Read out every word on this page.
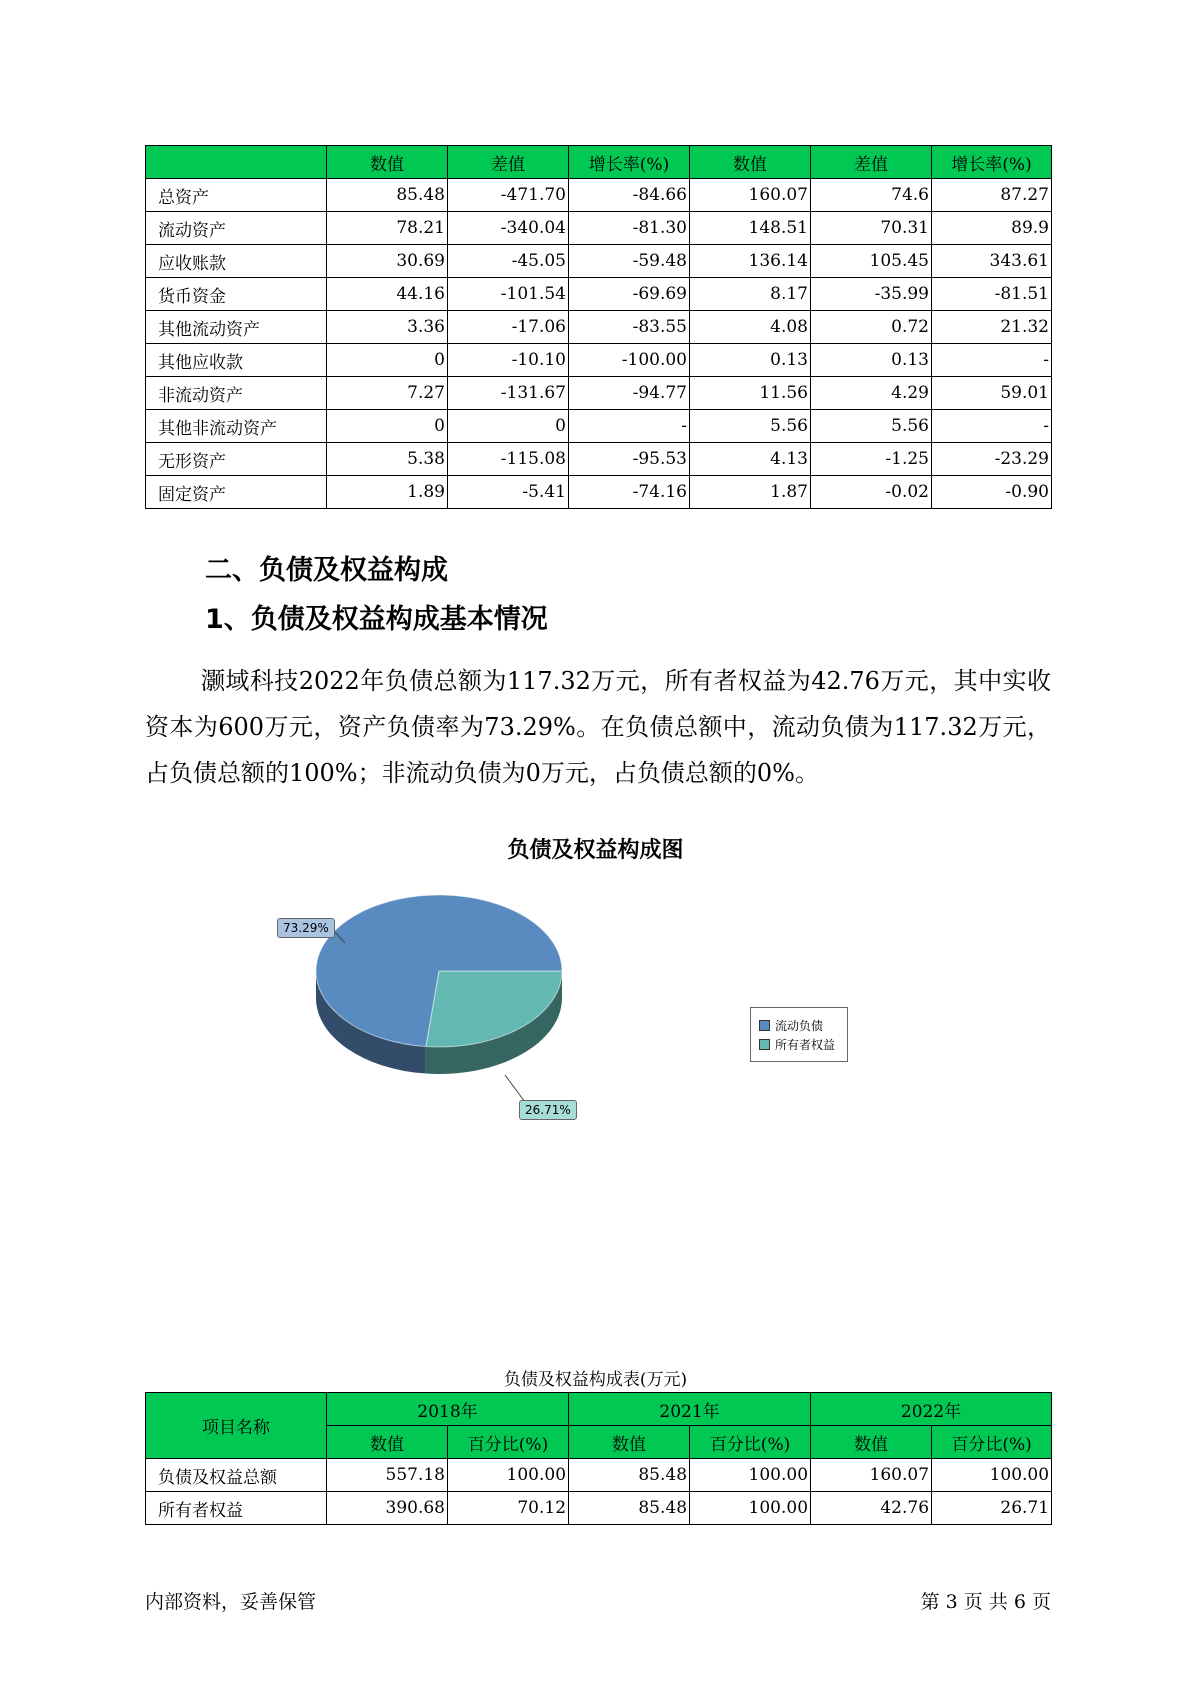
	数值	差值	增长率(%)	数值	差值	增长率(%)
总资产	85.48	-471.70	-84.66	160.07	74.6	87.27
流动资产	78.21	-340.04	-81.30	148.51	70.31	89.9
应收账款	30.69	-45.05	-59.48	136.14	105.45	343.61
货币资金	44.16	-101.54	-69.69	8.17	-35.99	-81.51
其他流动资产	3.36	-17.06	-83.55	4.08	0.72	21.32
其他应收款	0	-10.10	-100.00	0.13	0.13	-
非流动资产	7.27	-131.67	-94.77	11.56	4.29	59.01
其他非流动资产	0	0	-	5.56	5.56	-
无形资产	5.38	-115.08	-95.53	4.13	-1.25	-23.29
固定资产	1.89	-5.41	-74.16	1.87	-0.02	-0.90
二、负债及权益构成
1、负债及权益构成基本情况

灏域科技2022年负债总额为117.32万元，所有者权益为42.76万元，其中实收资本为600万元，资产负债率为73.29%。在负债总额中，流动负债为117.32万元，占负债总额的100%；非流动负债为0万元，占负债总额的0%。

负债及权益构成图

73.29%
26.71%
流动负债
所有者权益

负债及权益构成表(万元)

项目名称	2018年		2021年		2022年	
	数值	百分比(%)	数值	百分比(%)	数值	百分比(%)
负债及权益总额	557.18	100.00	85.48	100.00	160.07	100.00
所有者权益	390.68	70.12	85.48	100.00	42.76	26.71

内部资料，妥善保管	第 3 页 共 6 页
